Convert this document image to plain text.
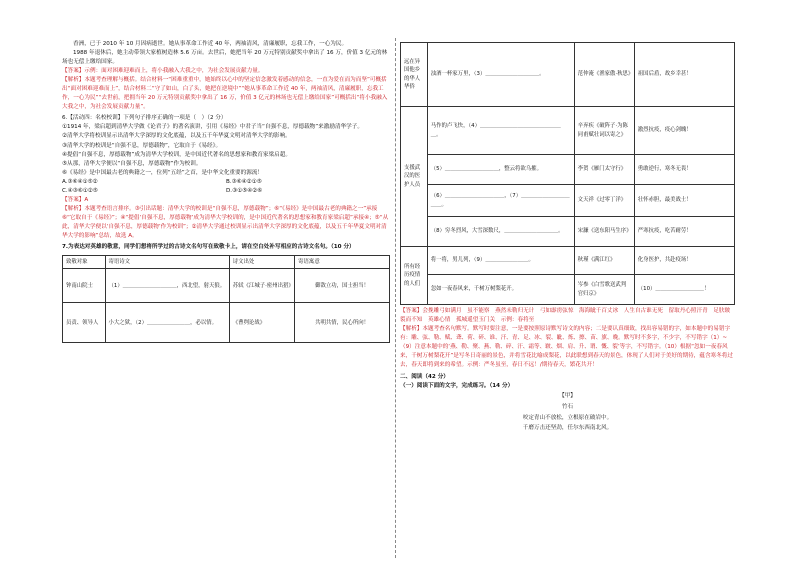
香洲，已于 2010 年 10 月因病逝世。她从事革命工作近 40 年，两袖清风，清廉履职，忘我工作，一心为民。

1988 年退休后，她主动带领大家植树造林 5.6 万亩。去世后，她把当年 20 万元特别贡献奖中拿出了 16 万，价值 3 亿元的林场也无偿上缴给国家。

【答案】示例：面对困难迎难而上，将小我融入大我之中，为社会发展贡献力量。

【解析】本题考查理解与概括。结合材料一“困难重重中，她始终以心中的坚定信念激发着感动的信念，一直为爱在而为而坚”可概括出“面对困难迎难而上”，结合材料二“守了如山，白了头，她把在逆境中”“她从事革命工作近 40 年，两袖清风，清廉履职，忘我工作，一心为民”“去世前，把拥当年 20 万元特别贡献奖中拿出了 16 万，价值 3 亿元的林场也无偿上缴给国家”可概括出“将小我融入大我之中，为社会发展贡献力量”。

6.【活动四：名校校训】下列句子排序正确的一项是（　）（2 分）

①1914 年，梁启超到清华大学做《论君子》的著名演讲，引用《易经》中君子当“自强不息，厚德载物”来激励清华学子。

②清华大学将校训显示出清华大学深厚的文化底蕴，以及五千年华夏文明对清华大学的影响。

③清华大学的校训是“自强不息，厚德载物”，它取自于《易经》。

④提倡“自强不息，厚德载物”成为清华大学校训，是中国近代著名的思想家和教育家梁启超。

⑤从那，清华大学便以“自强不息，厚德载物”作为校训。

⑥《易经》是中国最古老的典籍之一，位列“五经”之首，是中华文化重要的源流！

A.③⑥④①⑤②	B.③⑥④②①⑤
C.④③⑥①②⑤	D.③①⑤④②⑥

【答案】A

【解析】本题考查语言排序。③引出话题：清华大学的校训是“自强不息，厚德载物”；⑥“《易经》是中国最古老的典籍之一”承接⑥“它取自于《易经》”；④“提倡‘自强不息，厚德载物’成为清华大学校训的，是中国近代著名的思想家和教育家梁启超”承接④；⑤“从此，清华大学便以‘自强不息，厚德载物’作为校训”；②清华大学通过校训显示出清华大学深厚的文化底蕴，以及五千年华夏文明对清华大学的影响”总结，故选 A。

7.为表达对英雄的敬意，同学们想将所学过的古诗文名句写在致敬卡上，请在空白处补写相应的古诗文名句。（10 分）

致敬对象	寄语诗文	诗文出处	寄语寓意
钟南山院士	（1）＿＿＿＿＿＿＿＿＿＿，西北望，射天狼。	苏轼《江城子·密州出猎》	御敌立功，国士担当！
员责、领导人	小大之狱，（2）＿＿＿＿＿＿＿＿，必以情。	《曹刿论战》	共明共情，民心所向！
远在异国他乡的华人华侨	浊酒一杯家万里，（3）＿＿＿＿＿＿＿＿＿＿。	范仲淹《渔家傲·秋思》	祖国后盾，故乡幸甚！
支援武汉的医护人员	马作的卢飞快，（4）＿＿＿＿＿＿＿＿＿＿＿＿＿＿＿＿。	辛弃疾《破阵子·为陈同甫赋壮词以寄之》	激烈抗疫，疫心剑魄！
	（5）＿＿＿＿＿＿＿＿＿＿，整云将欲乌摧。	李贺《雁门太守行》	勇敢逆行，寒冬无畏！
	（6）＿＿＿＿＿＿＿＿＿＿＿，（7）＿＿＿＿＿＿＿＿＿＿＿。	文天祥《过零丁洋》	壮怀赤胆，最美战士！
	（8）穷冬烈风，大雪深数尺，＿＿＿＿＿＿＿＿＿＿。	宋濂《送东阳马生序》	严寒抗疫，吃苦耐劳！
所有经历疫情的人们	将一将，男儿列，（9）＿＿＿＿＿＿＿＿。	秋瑾《满江红》	化身医护，共赴疫场！
	忽如一夜春风来，千树万树梨花开。	岑参《白雪歌送武判官归京》	（10）＿＿＿＿＿＿＿＿＿！

【答案】会挽雕弓如满月　虽不能察　燕然未勒归无计　弓如霹雳弦惊　海海眦千百丈冰　人生自古谁无死　留取丹心照汗青　足肤皲裂而不知　英雄心情　孤城遥望玉门关　示例：春将至

【解析】本题考查名句默写。默写时要注意，一是要按照原诗默写诗文的内容；二是要认真细致，找出容易错的字，如本题中的易错字有：雕、弦、勒、赋、聋、荷、碎、谁、汗、青、足、冰、裂、眦、炼、擦、苗、旗、晚。默写时不多字，不少字，不写错字（1）~（9）注意本题中的‘燕、勒、聚、燕、勒、碎、汗、霜等、皲、烟、肩、升、谓、慨、裂’等字，不写错字。（10）根据“忽如一夜春风来，千树万树梨花开”是写冬日奇丽的景色，并将雪花比喻成梨花，以此联想到春天的景色，体现了人们对于美好的期待，蕴含寒冬将过去，春天即将到来的希望。示例：严冬虽至，春日不远！/期待春天，繁花共开！

二、阅读（42 分）

（一）阅读下面的文字，完成练习。（14 分）

【甲】
竹石
咬定青山不放松，立根原在破岩中。
千磨万击还坚劲，任尔东西南北风。
